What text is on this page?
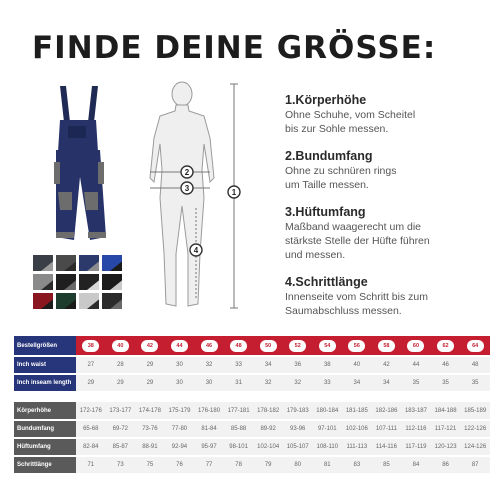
FINDE DEINE GRÖSSE:
1
2
3
4
1.Körperhöhe
Ohne Schuhe, vom Scheitel
bis zur Sohle messen.
2.Bundumfang
Ohne zu schnüren rings
um Taille messen.
3.Hüftumfang
Maßband waagerecht um die
stärkste Stelle der Hüfte führen
und messen.
4.Schrittlänge
Innenseite vom Schritt bis zum
Saumabschluss messen.
Bestellgrößen	38	40	42	44	46	48	50	52	54	56	58	60	62	64
Inch waist	27	28	29	30	32	33	34	36	38	40	42	44	46	48
Inch inseam length	29	29	29	30	30	31	32	32	33	34	34	35	35	35

Körperhöhe	172-176	173-177	174-178	175-179	176-180	177-181	178-182	179-183	180-184	181-185	182-186	183-187	184-188	185-189
Bundumfang	65-68	69-72	73-76	77-80	81-84	85-88	89-92	93-96	97-101	102-106	107-111	112-116	117-121	122-126
Hüftumfang	82-84	85-87	88-91	92-94	95-97	98-101	102-104	105-107	108-110	111-113	114-116	117-119	120-123	124-126
Schrittlänge	71	73	75	76	77	78	79	80	81	83	85	84	86	87
